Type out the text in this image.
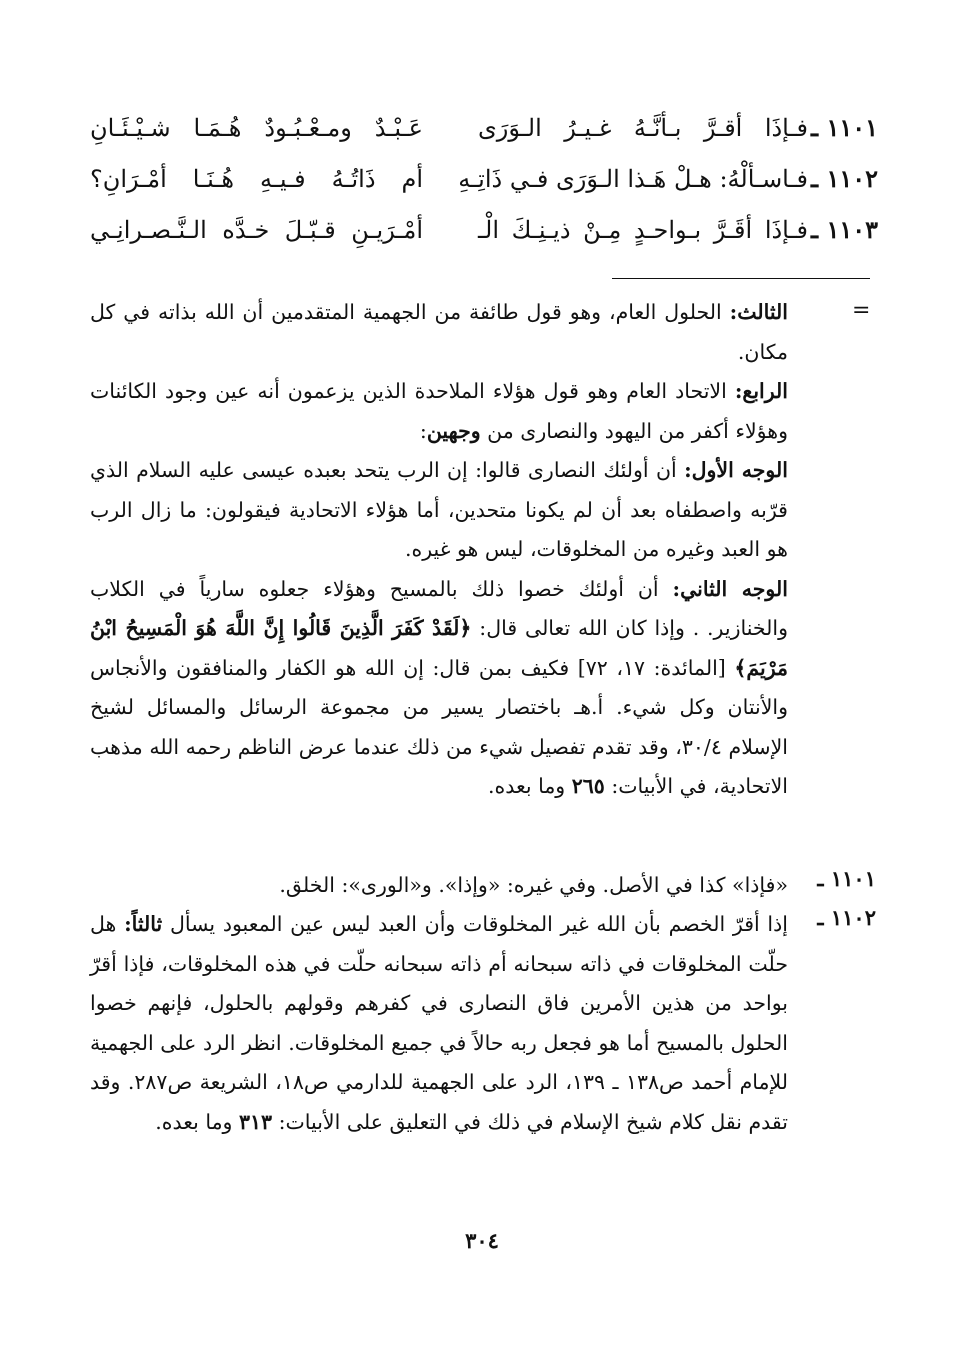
١١٠١ ـ
فـإذَا أقـرَّ بـأنَّـهُ غـيـرُ الـوَرَى
عَـبْـدٌ ومـعْـبُـودٌ هُـمَـا شـيْـئَـانِ
١١٠٢ ـ
فـاسـألْهُ: هـلْ هَـذا الـوَرَى فـي ذَاتِـهِ
أم ذَاتُـهُ فـيـهِ هُـنَـا أمْـرَانِ؟
١١٠٣ ـ
فـإذَا أقَـرَّ بـواحـدٍ مِـنْ ذيـنِـكَ الْـ
أمْـرَيـنِ قـبّـلَ خـدَّه الـنَّـصـرانِـي
=
الثالث: الحلول العام، وهو قول طائفة من الجهمية المتقدمين أن الله بذاته في كل مكان.
الرابع: الاتحاد العام وهو قول هؤلاء الملاحدة الذين يزعمون أنه عين وجود الكائنات وهؤلاء أكفر من اليهود والنصارى من وجهين:
الوجه الأول: أن أولئك النصارى قالوا: إن الرب يتحد بعبده عيسى عليه السلام الذي قرّبه واصطفاه بعد أن لم يكونا متحدين، أما هؤلاء الاتحادية فيقولون: ما زال الرب هو العبد وغيره من المخلوقات، ليس هو غيره.
الوجه الثاني: أن أولئك خصوا ذلك بالمسيح وهؤلاء جعلوه سارياً في الكلاب والخنازير. . وإذا كان الله تعالى قال: ﴿لَقَدْ كَفَرَ الَّذِينَ قَالُوا إِنَّ اللَّهَ هُوَ الْمَسِيحُ ابْنُ مَرْيَمَ﴾ [المائدة: ١٧، ٧٢] فكيف بمن قال: إن الله هو الكفار والمنافقون والأنجاس والأنتان وكل شيء. أ.هـ باختصار يسير من مجموعة الرسائل والمسائل لشيخ الإسلام ٣٠/٤، وقد تقدم تفصيل شيء من ذلك عندما عرض الناظم رحمه الله مذهب الاتحادية، في الأبيات: ٢٦٥ وما بعده.
١١٠١ ـ
«فإذا» كذا في الأصل. وفي غيره: «وإذا». و«الورى»: الخلق.
١١٠٢ ـ
إذا أقرّ الخصم بأن الله غير المخلوقات وأن العبد ليس عين المعبود يسأل ثالثاً: هل حلّت المخلوقات في ذاته سبحانه أم ذاته سبحانه حلّت في هذه المخلوقات، فإذا أقرّ بواحد من هذين الأمرين فاق النصارى في كفرهم وقولهم بالحلول، فإنهم خصوا الحلول بالمسيح أما هو فجعل ربه حالاً في جميع المخلوقات. انظر الرد على الجهمية للإمام أحمد ص١٣٨ ـ ١٣٩، الرد على الجهمية للدارمي ص١٨، الشريعة ص٢٨٧. وقد تقدم نقل كلام شيخ الإسلام في ذلك في التعليق على الأبيات: ٣١٣ وما بعده.
٣٠٤
